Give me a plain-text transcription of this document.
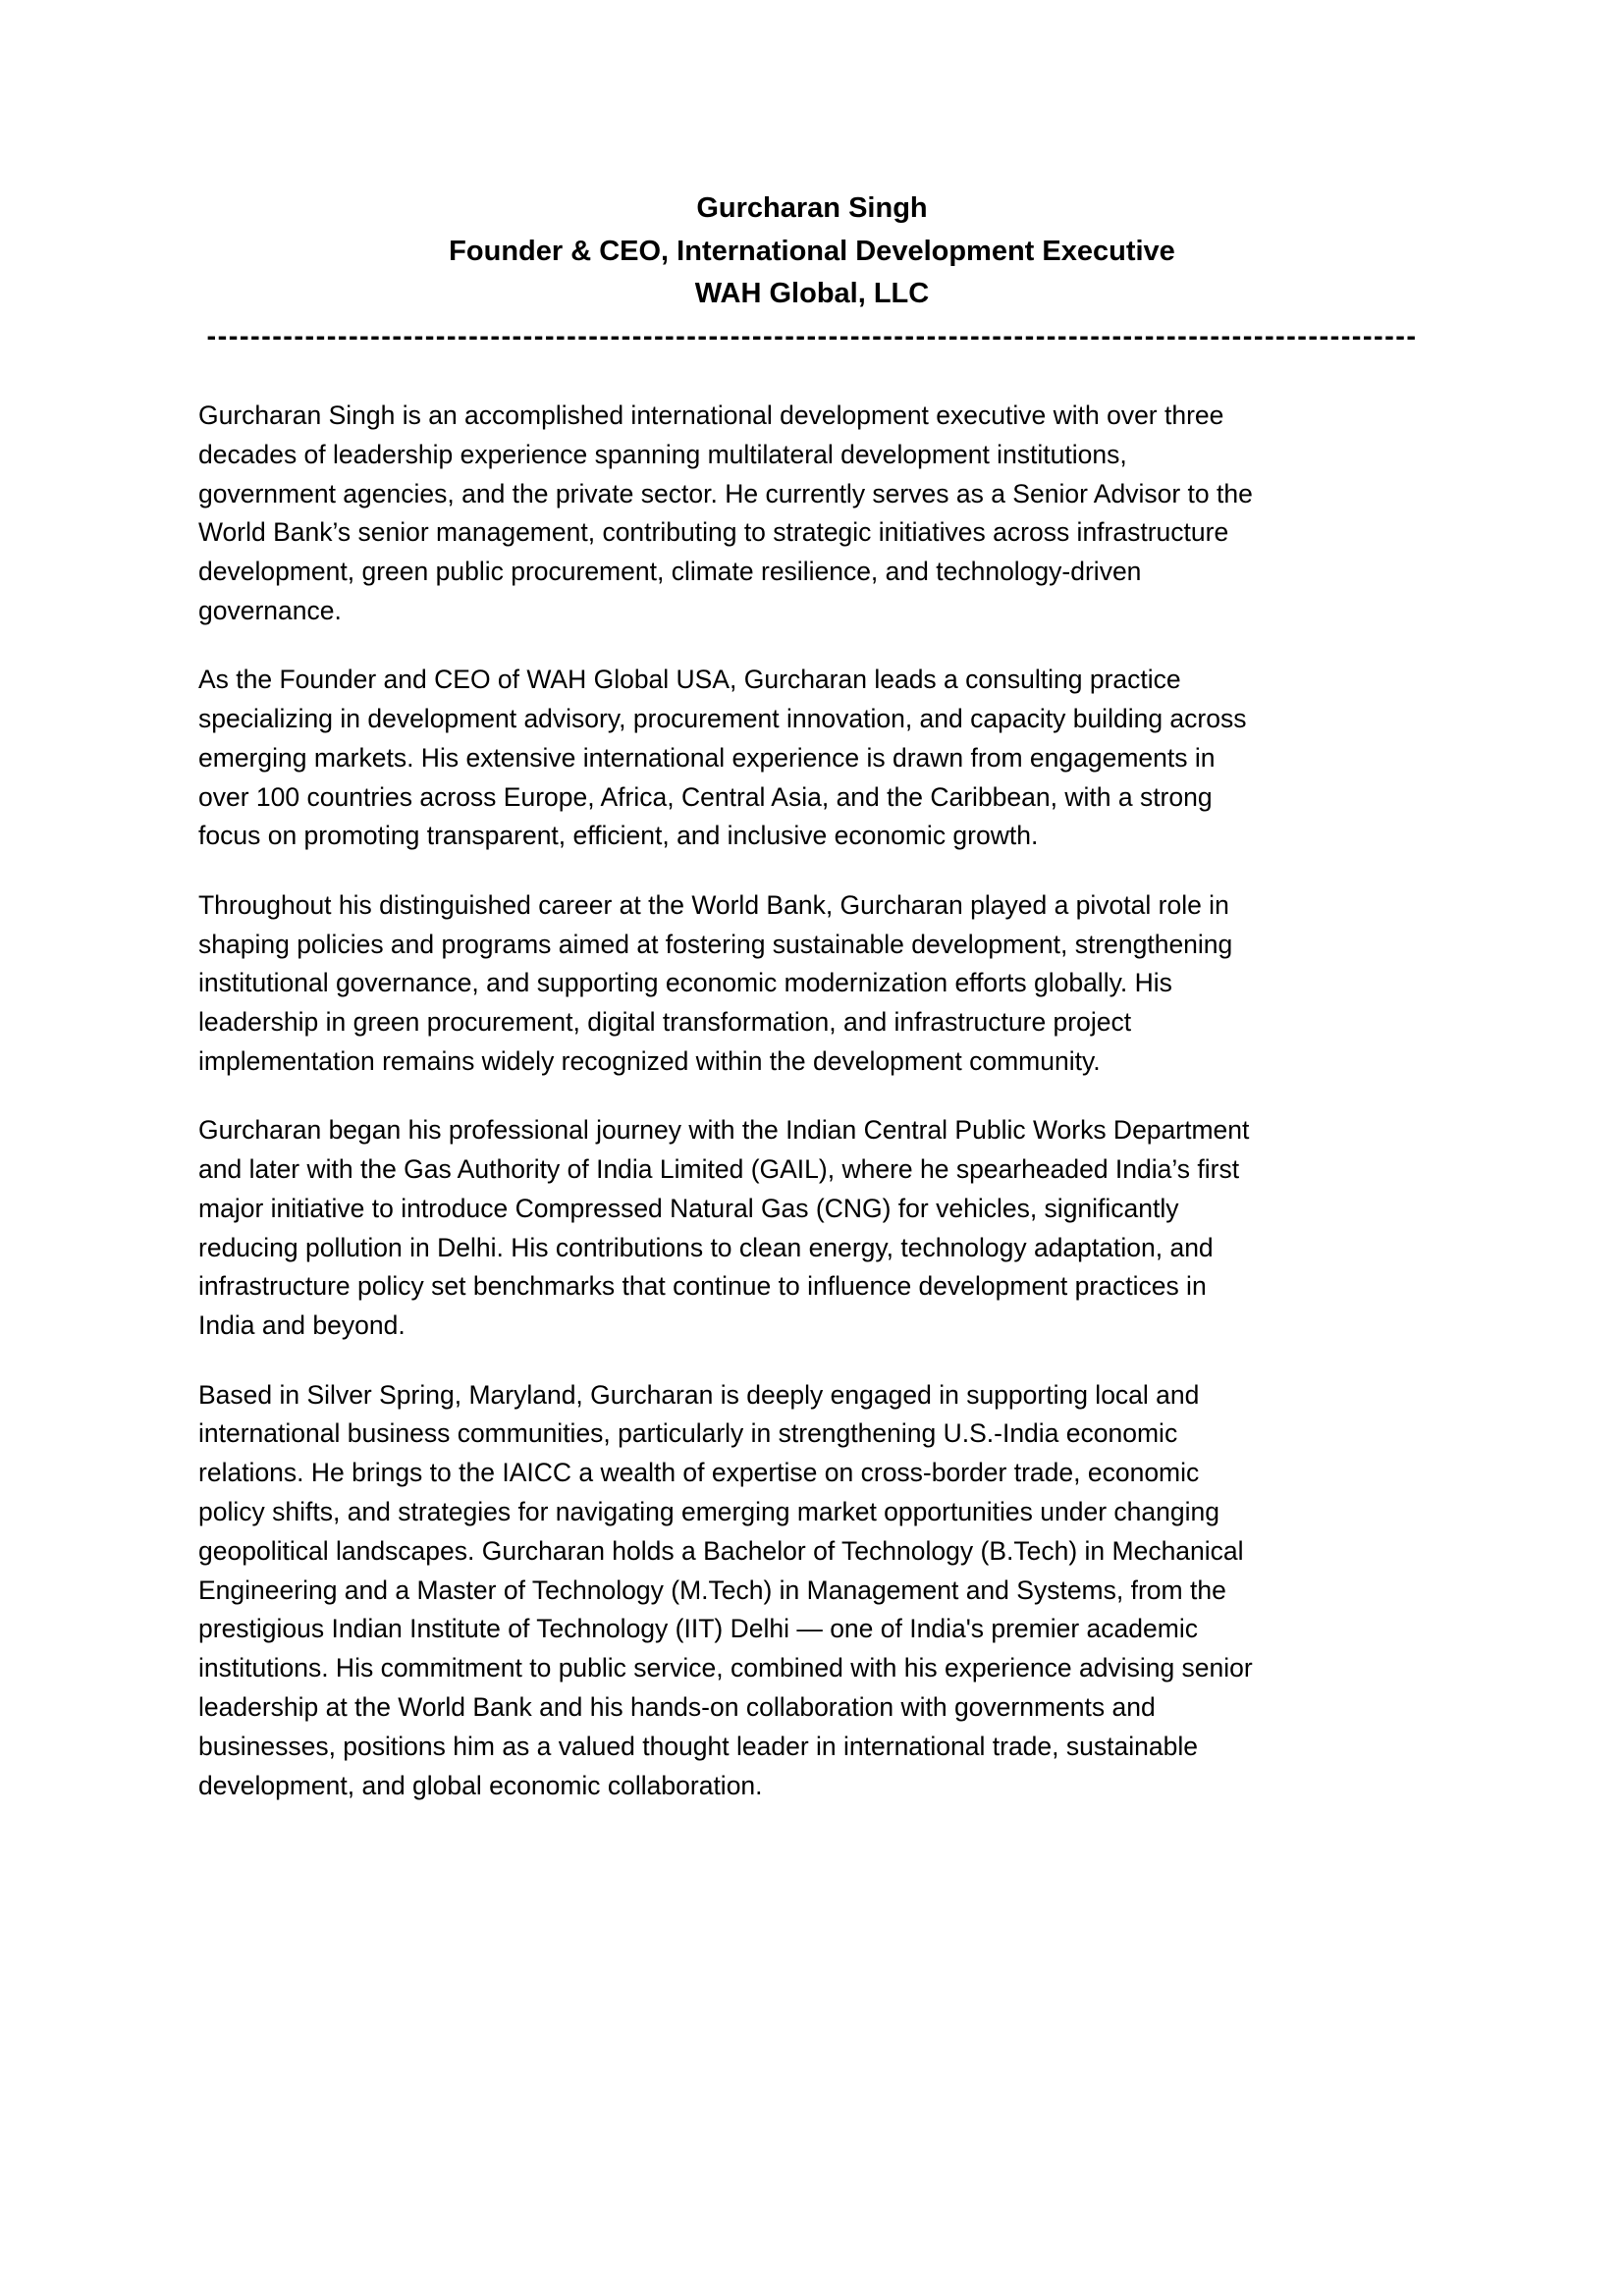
Gurcharan Singh
Founder & CEO, International Development Executive
WAH Global, LLC
---------------------------------------------------------------------------------------------------------------

Gurcharan Singh is an accomplished international development executive with over three
decades of leadership experience spanning multilateral development institutions,
government agencies, and the private sector. He currently serves as a Senior Advisor to the
World Bank’s senior management, contributing to strategic initiatives across infrastructure
development, green public procurement, climate resilience, and technology-driven
governance.

As the Founder and CEO of WAH Global USA, Gurcharan leads a consulting practice
specializing in development advisory, procurement innovation, and capacity building across
emerging markets. His extensive international experience is drawn from engagements in
over 100 countries across Europe, Africa, Central Asia, and the Caribbean, with a strong
focus on promoting transparent, efficient, and inclusive economic growth.

Throughout his distinguished career at the World Bank, Gurcharan played a pivotal role in
shaping policies and programs aimed at fostering sustainable development, strengthening
institutional governance, and supporting economic modernization efforts globally. His
leadership in green procurement, digital transformation, and infrastructure project
implementation remains widely recognized within the development community.

Gurcharan began his professional journey with the Indian Central Public Works Department
and later with the Gas Authority of India Limited (GAIL), where he spearheaded India’s first
major initiative to introduce Compressed Natural Gas (CNG) for vehicles, significantly
reducing pollution in Delhi. His contributions to clean energy, technology adaptation, and
infrastructure policy set benchmarks that continue to influence development practices in
India and beyond.

Based in Silver Spring, Maryland, Gurcharan is deeply engaged in supporting local and
international business communities, particularly in strengthening U.S.-India economic
relations. He brings to the IAICC a wealth of expertise on cross-border trade, economic
policy shifts, and strategies for navigating emerging market opportunities under changing
geopolitical landscapes. Gurcharan holds a Bachelor of Technology (B.Tech) in Mechanical
Engineering and a Master of Technology (M.Tech) in Management and Systems, from the
prestigious Indian Institute of Technology (IIT) Delhi — one of India's premier academic
institutions. His commitment to public service, combined with his experience advising senior
leadership at the World Bank and his hands-on collaboration with governments and
businesses, positions him as a valued thought leader in international trade, sustainable
development, and global economic collaboration.
